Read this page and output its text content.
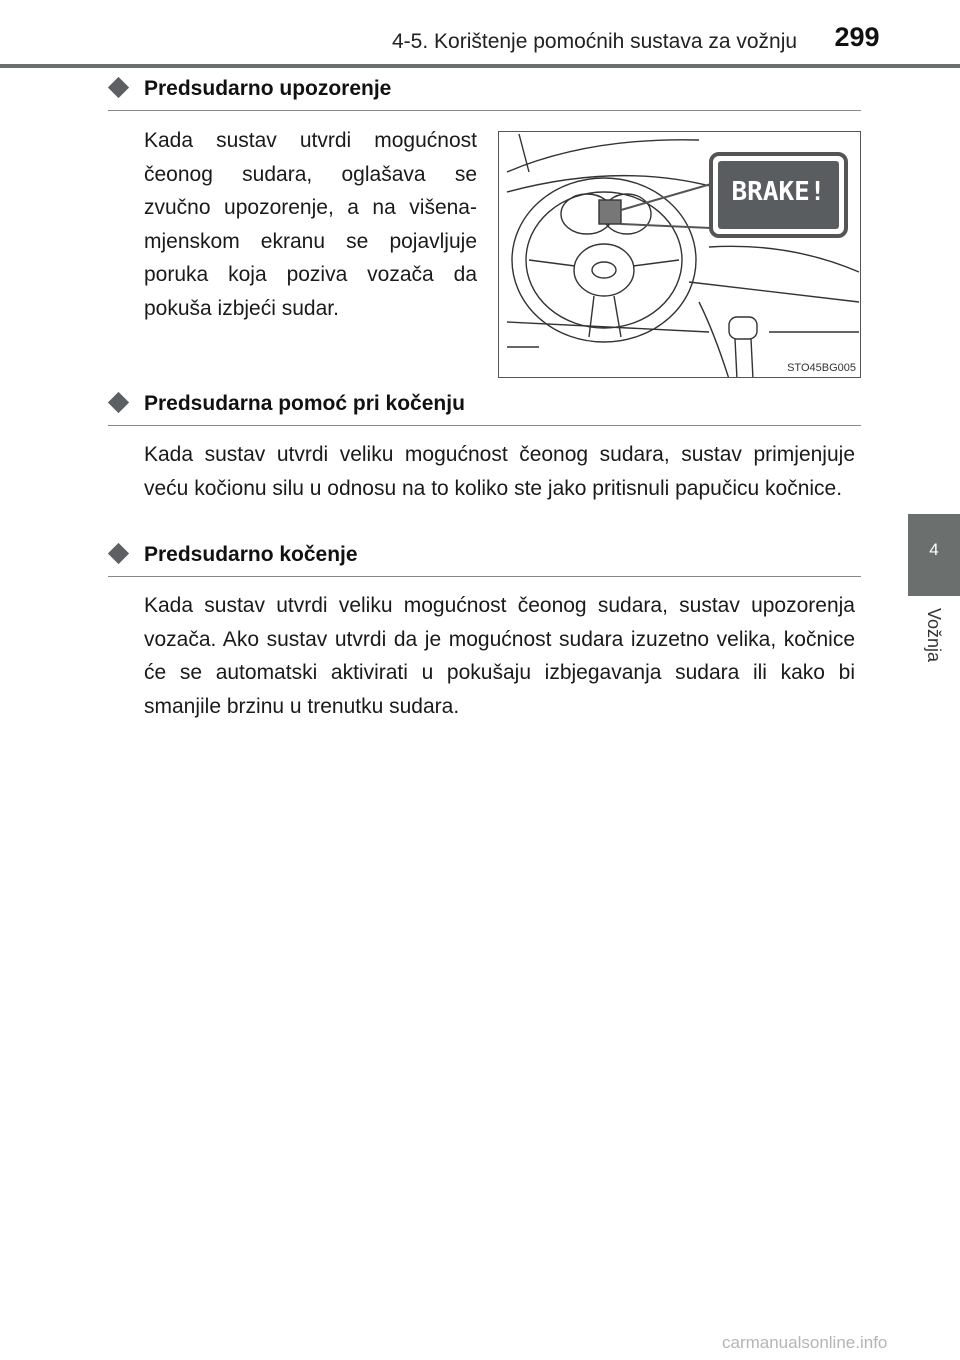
4-5. Korištenje pomoćnih sustava za vožnju	299
4
Vožnja
Predsudarno upozorenje

Kada sustav utvrdi mogućnost čeonog sudara, oglašava se zvučno upozorenje, a na višenamjenskom ekranu se pojavljuje poruka koja poziva vozača da pokuša izbjeći sudar.

BRAKE!
STO45BG005
Predsudarna pomoć pri kočenju

Kada sustav utvrdi veliku mogućnost čeonog sudara, sustav primjenjuje veću kočionu silu u odnosu na to koliko ste jako pritisnuli papučicu kočnice.

Predsudarno kočenje

Kada sustav utvrdi veliku mogućnost čeonog sudara, sustav upozorenja vozača. Ako sustav utvrdi da je mogućnost sudara izuzetno velika, kočnice će se automatski aktivirati u pokušaju izbjegavanja sudara ili kako bi smanjile brzinu u trenutku sudara.

carmanualsonline.info
